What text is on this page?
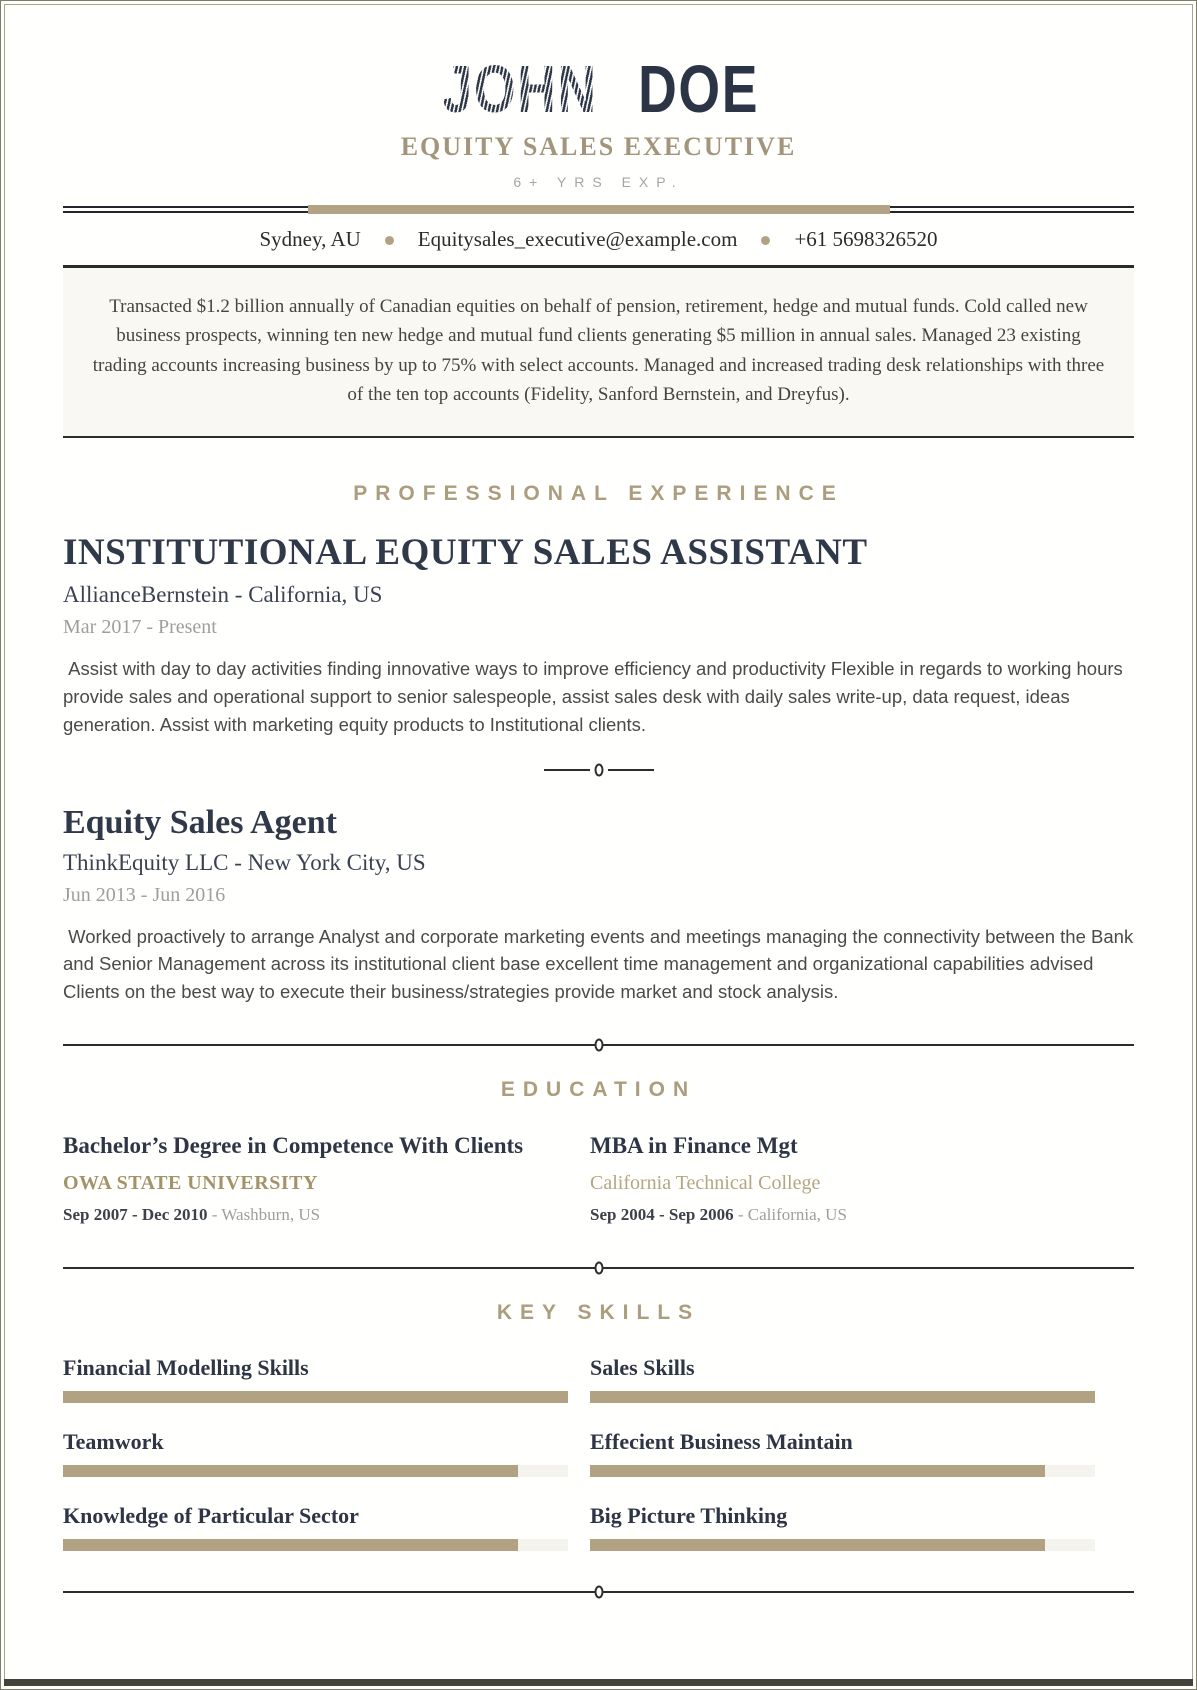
JOHN DOE
EQUITY SALES EXECUTIVE
6+ YRS EXP.
Sydney, AU	Equitysales_executive@example.com	+61 5698326520

Transacted $1.2 billion annually of Canadian equities on behalf of pension, retirement, hedge and mutual funds. Cold called new business prospects, winning ten new hedge and mutual fund clients generating $5 million in annual sales. Managed 23 existing trading accounts increasing business by up to 75% with select accounts. Managed and increased trading desk relationships with three of the ten top accounts (Fidelity, Sanford Bernstein, and Dreyfus).

PROFESSIONAL EXPERIENCE
INSTITUTIONAL EQUITY SALES ASSISTANT
AllianceBernstein - California, US
Mar 2017 - Present

Assist with day to day activities finding innovative ways to improve efficiency and productivity Flexible in regards to working hours provide sales and operational support to senior salespeople, assist sales desk with daily sales write-up, data request, ideas generation. Assist with marketing equity products to Institutional clients.

Equity Sales Agent
ThinkEquity LLC - New York City, US
Jun 2013 - Jun 2016

Worked proactively to arrange Analyst and corporate marketing events and meetings managing the connectivity between the Bank and Senior Management across its institutional client base excellent time management and organizational capabilities advised Clients on the best way to execute their business/strategies provide market and stock analysis.

EDUCATION
Bachelor’s Degree in Competence With Clients
OWA STATE UNIVERSITY
Sep 2007 - Dec 2010 - Washburn, US
MBA in Finance Mgt
California Technical College
Sep 2004 - Sep 2006 - California, US
KEY SKILLS
Financial Modelling Skills	Sales Skills
Teamwork	Effecient Business Maintain
Knowledge of Particular Sector	Big Picture Thinking
